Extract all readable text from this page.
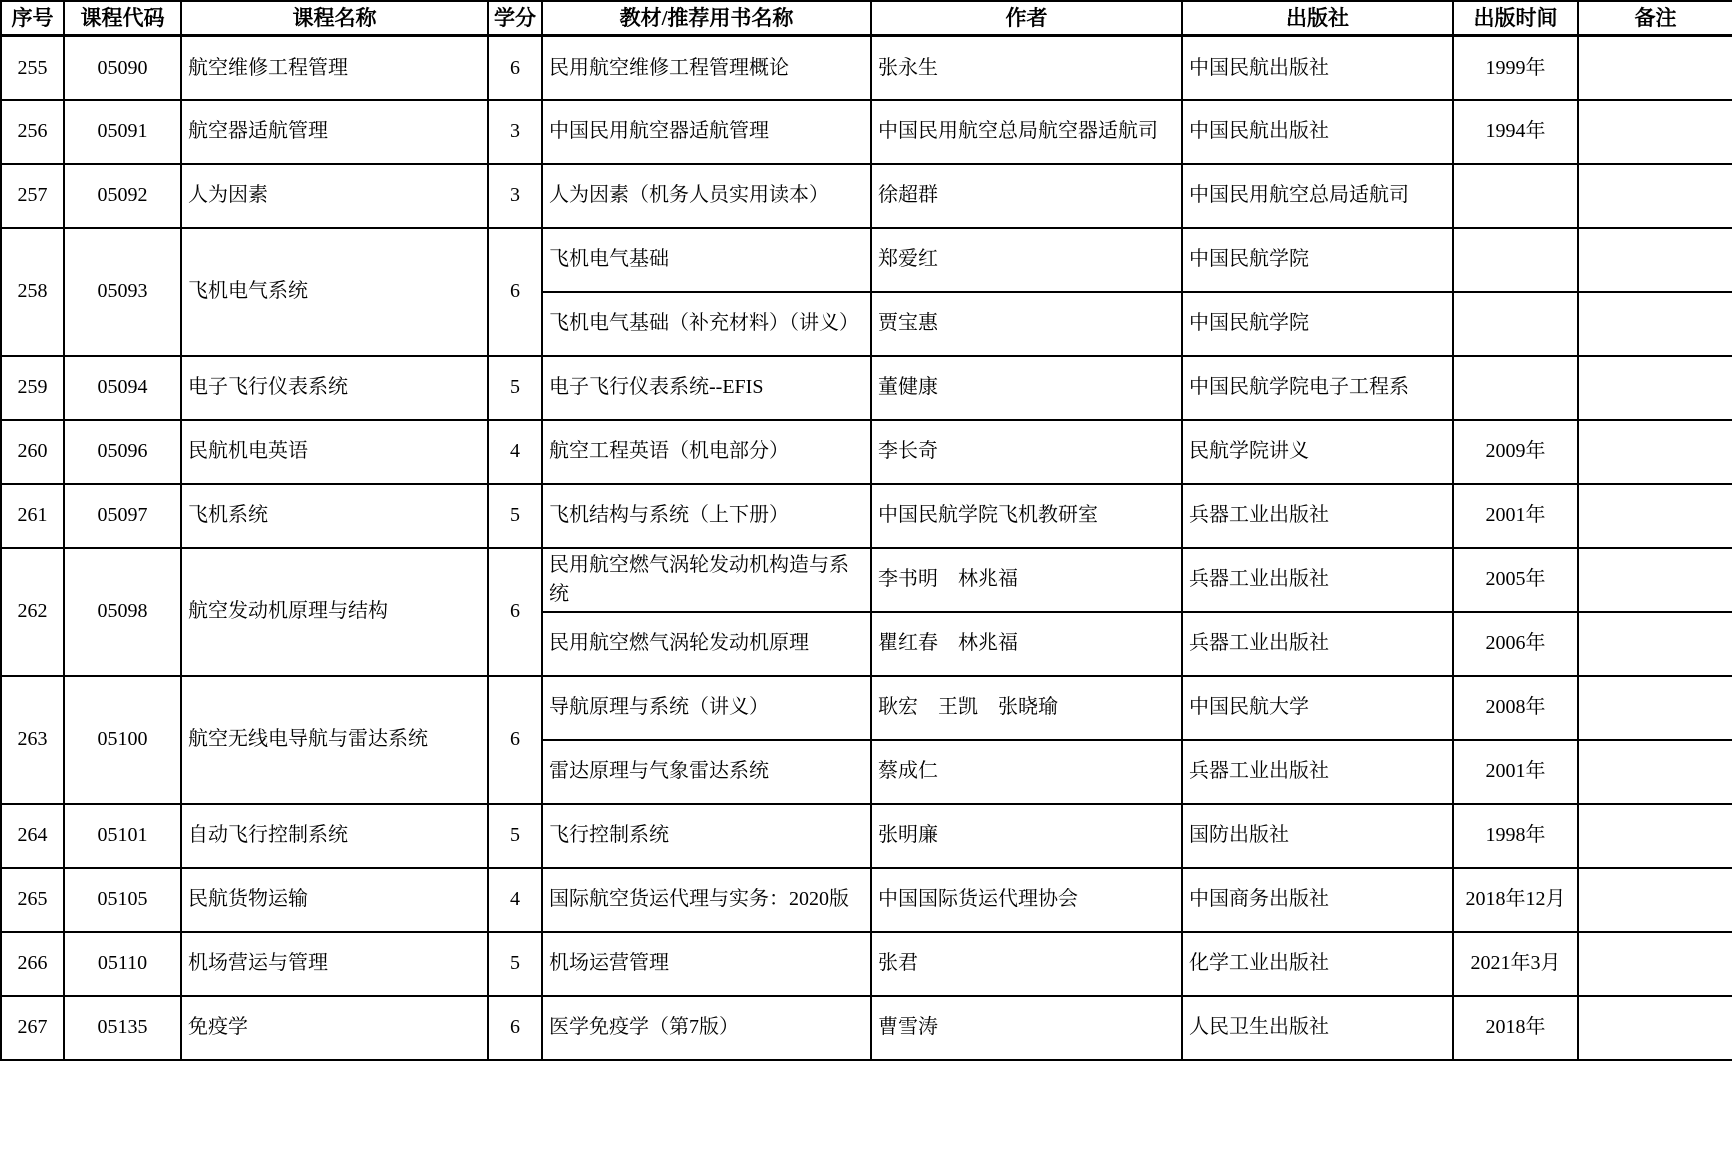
序号	课程代码	课程名称	学分	教材/推荐用书名称	作者	出版社	出版时间	备注
255	05090	航空维修工程管理	6	民用航空维修工程管理概论	张永生	中国民航出版社	1999年	
256	05091	航空器适航管理	3	中国民用航空器适航管理	中国民用航空总局航空器适航司	中国民航出版社	1994年	
257	05092	人为因素	3	人为因素（机务人员实用读本）	徐超群	中国民用航空总局适航司		
258	05093	飞机电气系统	6	飞机电气基础	郑爱红	中国民航学院		
				飞机电气基础（补充材料）（讲义）	贾宝惠	中国民航学院		
259	05094	电子飞行仪表系统	5	电子飞行仪表系统--EFIS	董健康	中国民航学院电子工程系		
260	05096	民航机电英语	4	航空工程英语（机电部分）	李长奇	民航学院讲义	2009年	
261	05097	飞机系统	5	飞机结构与系统（上下册）	中国民航学院飞机教研室	兵器工业出版社	2001年	
262	05098	航空发动机原理与结构	6	民用航空燃气涡轮发动机构造与系统	李书明　林兆福	兵器工业出版社	2005年	
				民用航空燃气涡轮发动机原理	瞿红春　林兆福	兵器工业出版社	2006年	
263	05100	航空无线电导航与雷达系统	6	导航原理与系统（讲义）	耿宏　王凯　张晓瑜	中国民航大学	2008年	
				雷达原理与气象雷达系统	蔡成仁	兵器工业出版社	2001年	
264	05101	自动飞行控制系统	5	飞行控制系统	张明廉	国防出版社	1998年	
265	05105	民航货物运输	4	国际航空货运代理与实务：2020版	中国国际货运代理协会	中国商务出版社	2018年12月	
266	05110	机场营运与管理	5	机场运营管理	张君	化学工业出版社	2021年3月	
267	05135	免疫学	6	医学免疫学（第7版）	曹雪涛	人民卫生出版社	2018年	
